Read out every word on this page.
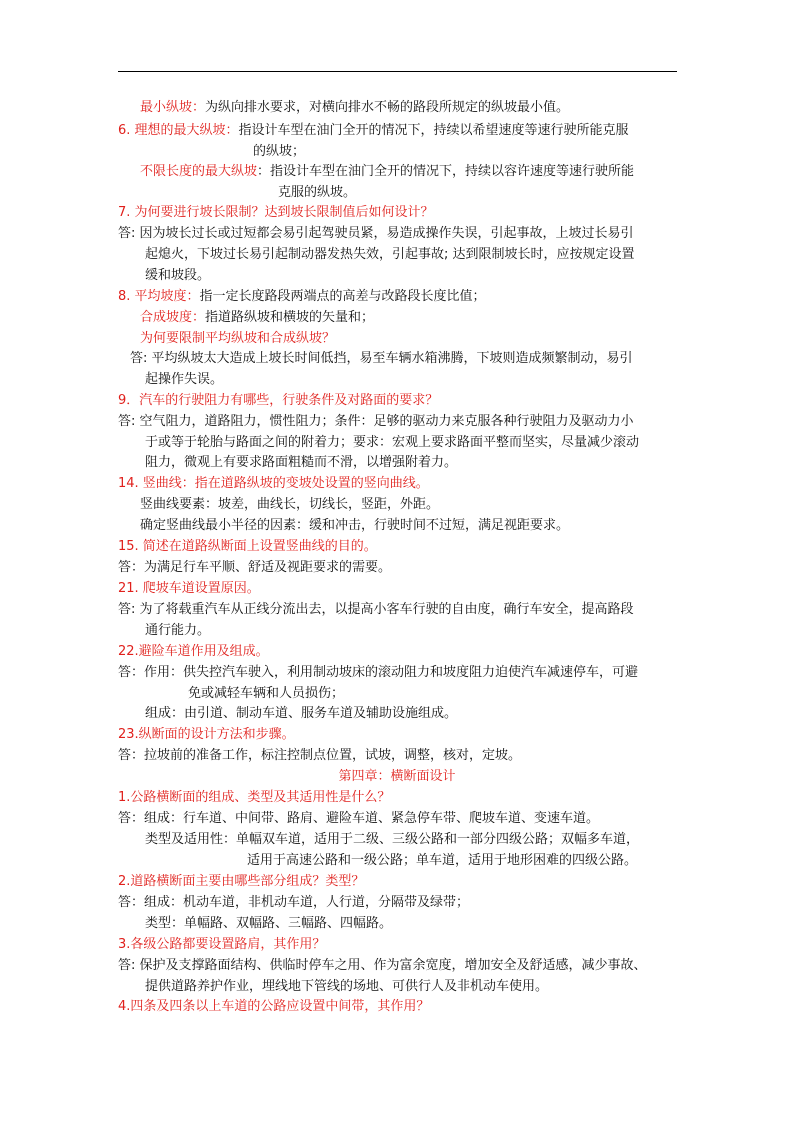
最小纵坡：为纵向排水要求，对横向排水不畅的路段所规定的纵坡最小值。
6. 理想的最大纵坡：指设计车型在油门全开的情况下，持续以希望速度等速行驶所能克服
的纵坡；
不限长度的最大纵坡：指设计车型在油门全开的情况下，持续以容许速度等速行驶所能
克服的纵坡。
7. 为何要进行坡长限制？达到坡长限制值后如何设计？
答: 因为坡长过长或过短都会易引起驾驶员紧，易造成操作失误，引起事故，上坡过长易引
起熄火，下坡过长易引起制动器发热失效，引起事故; 达到限制坡长时，应按规定设置
缓和坡段。
8. 平均坡度：指一定长度路段两端点的高差与改路段长度比值；
合成坡度：指道路纵坡和横坡的矢量和；
为何要限制平均纵坡和合成纵坡？
答: 平均纵坡太大造成上坡长时间低挡，易至车辆水箱沸腾，下坡则造成频繁制动，易引
起操作失误。
9．汽车的行驶阻力有哪些，行驶条件及对路面的要求？
答: 空气阻力，道路阻力，惯性阻力；条件：足够的驱动力来克服各种行驶阻力及驱动力小
于或等于轮胎与路面之间的附着力；要求：宏观上要求路面平整而坚实，尽量减少滚动
阻力，微观上有要求路面粗糙而不滑，以增强附着力。
14. 竖曲线：指在道路纵坡的变坡处设置的竖向曲线。
竖曲线要素：坡差，曲线长，切线长，竖距，外距。
确定竖曲线最小半径的因素：缓和冲击，行驶时间不过短，满足视距要求。
15. 简述在道路纵断面上设置竖曲线的目的。
答：为满足行车平顺、舒适及视距要求的需要。
21. 爬坡车道设置原因。
答: 为了将载重汽车从正线分流出去，以提高小客车行驶的自由度，确行车安全，提高路段
通行能力。
22.避险车道作用及组成。
答：作用：供失控汽车驶入，利用制动坡床的滚动阻力和坡度阻力迫使汽车减速停车，可避
免或减轻车辆和人员损伤；
组成：由引道、制动车道、服务车道及辅助设施组成。
23.纵断面的设计方法和步骤。
答：拉坡前的准备工作，标注控制点位置，试坡，调整，核对，定坡。
第四章：横断面设计
1.公路横断面的组成、类型及其适用性是什么？
答：组成：行车道、中间带、路肩、避险车道、紧急停车带、爬坡车道、变速车道。
类型及适用性：单幅双车道，适用于二级、三级公路和一部分四级公路；双幅多车道，
适用于高速公路和一级公路；单车道，适用于地形困难的四级公路。
2.道路横断面主要由哪些部分组成？类型？
答：组成：机动车道，非机动车道，人行道，分隔带及绿带；
类型：单幅路、双幅路、三幅路、四幅路。
3.各级公路都要设置路肩，其作用？
答: 保护及支撑路面结构、供临时停车之用、作为富余宽度，增加安全及舒适感，减少事故、
提供道路养护作业，埋线地下管线的场地、可供行人及非机动车使用。
4.四条及四条以上车道的公路应设置中间带，其作用？
